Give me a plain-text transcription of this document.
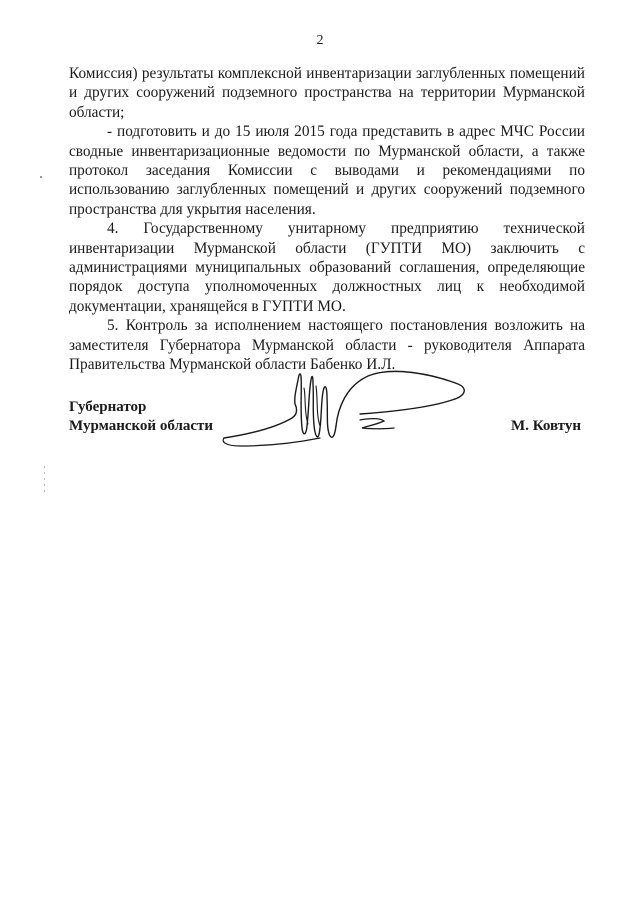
2

Комиссия) результаты комплексной инвентаризации заглубленных помещений и других сооружений подземного пространства на территории Мурманской области;

- подготовить и до 15 июля 2015 года представить в адрес МЧС России сводные инвентаризационные ведомости по Мурманской области, а также протокол заседания Комиссии с выводами и рекомендациями по использованию заглубленных помещений и других сооружений подземного пространства для укрытия населения.

4. Государственному унитарному предприятию технической инвентаризации Мурманской области (ГУПТИ МО) заключить с администрациями муниципальных образований соглашения, определяющие порядок доступа уполномоченных должностных лиц к необходимой документации, хранящейся в ГУПТИ МО.

5. Контроль за исполнением настоящего постановления возложить на заместителя Губернатора Мурманской области - руководителя Аппарата Правительства Мурманской области Бабенко И.Л.

Губернатор
Мурманской области	М. Ковтун
